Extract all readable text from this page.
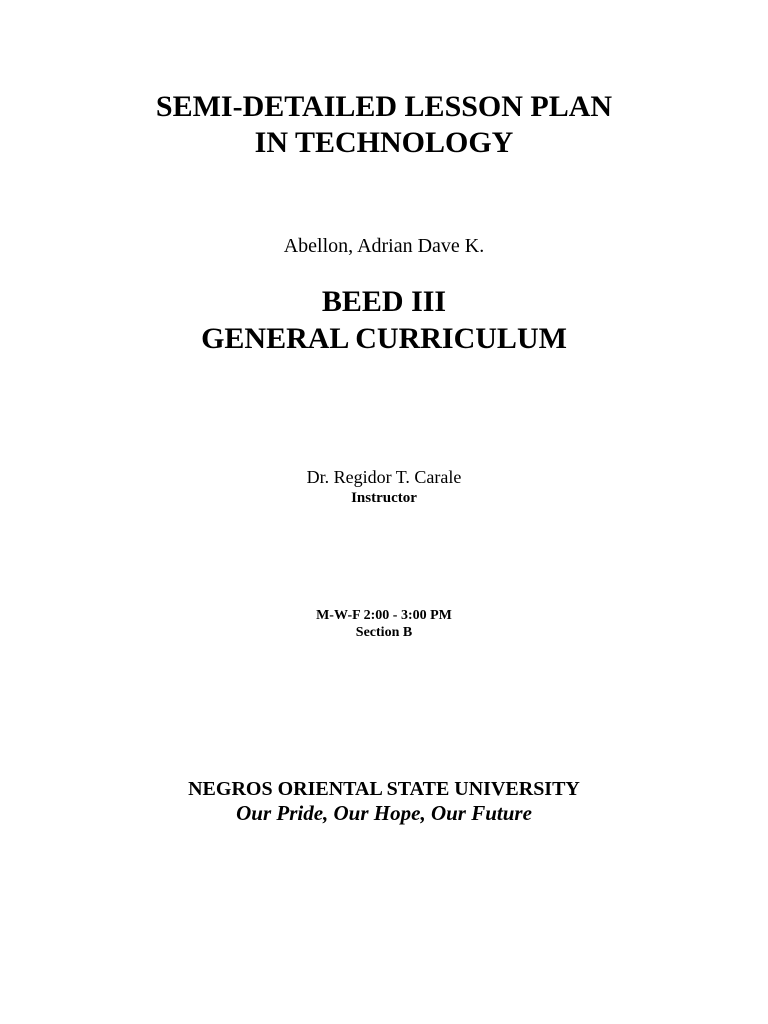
SEMI-DETAILED LESSON PLAN
IN TECHNOLOGY
Abellon, Adrian Dave K.
BEED III
GENERAL CURRICULUM
Dr. Regidor T. Carale
Instructor
M-W-F 2:00 - 3:00 PM
Section B
NEGROS ORIENTAL STATE UNIVERSITY
Our Pride, Our Hope, Our Future
